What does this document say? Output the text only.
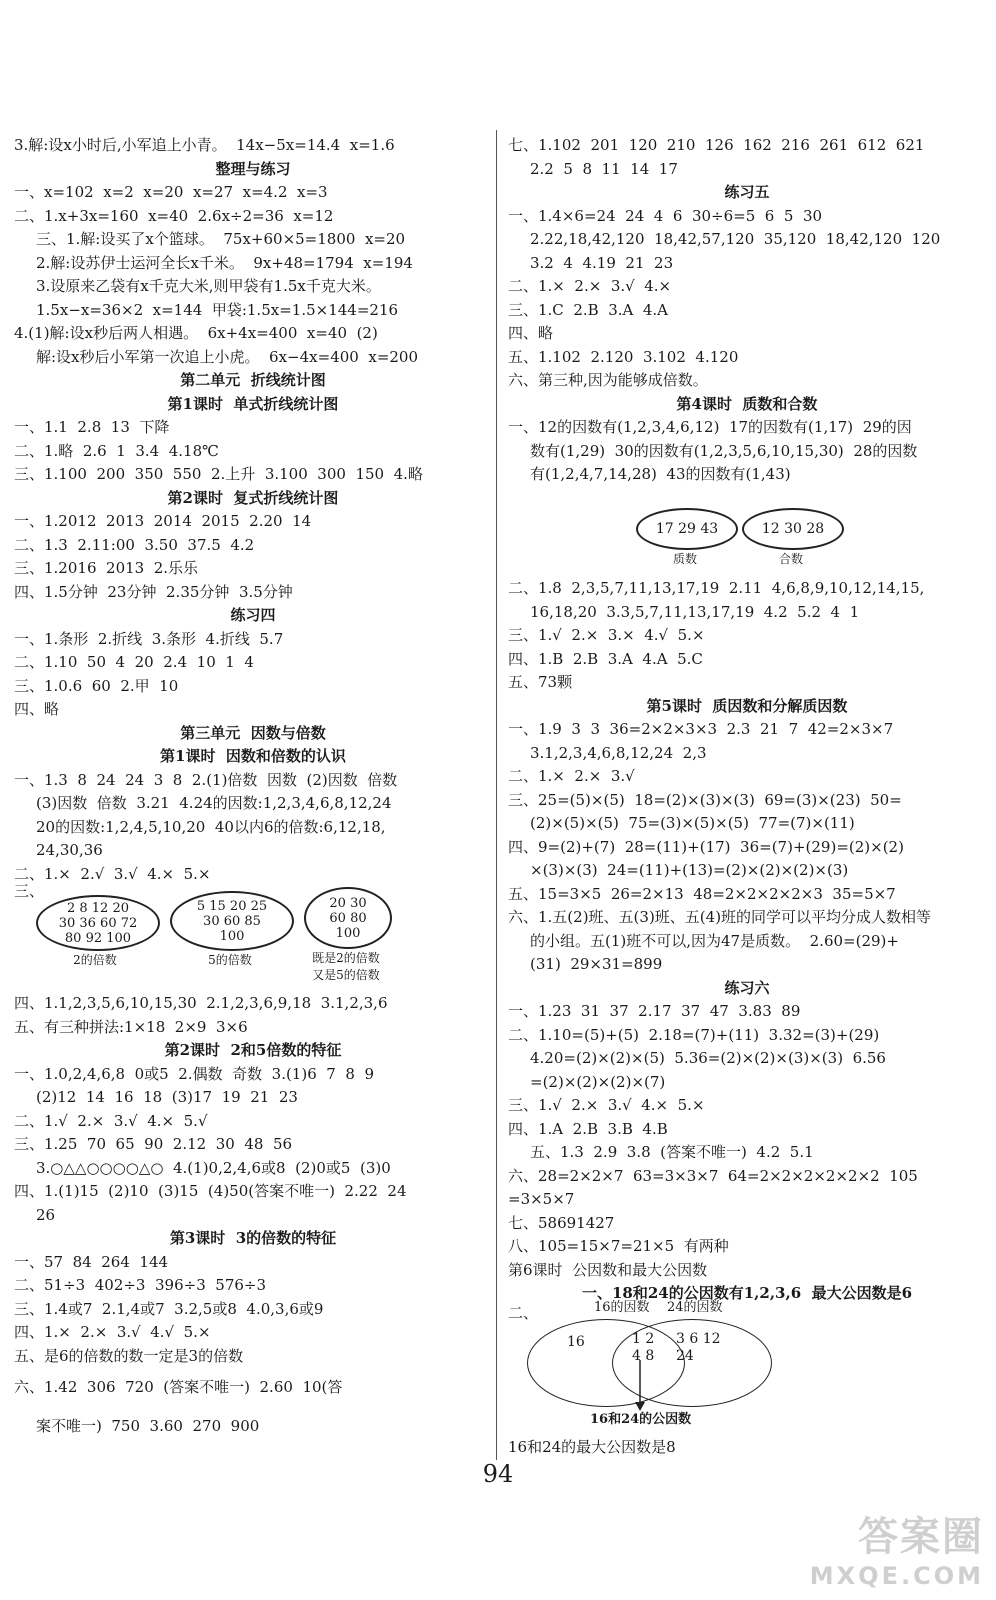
3.解:设x小时后,小军追上小青。  14x−5x=14.4  x=1.6
整理与练习
一、x=102  x=2  x=20  x=27  x=4.2  x=3
二、1.x+3x=160  x=40  2.6x÷2=36  x=12
三、1.解:设买了x个篮球。  75x+60×5=1800  x=20
2.解:设苏伊士运河全长x千米。  9x+48=1794  x=194
3.设原来乙袋有x千克大米,则甲袋有1.5x千克大米。
1.5x−x=36×2  x=144  甲袋:1.5x=1.5×144=216
4.(1)解:设x秒后两人相遇。  6x+4x=400  x=40  (2)
解:设x秒后小军第一次追上小虎。  6x−4x=400  x=200
第二单元  折线统计图
第1课时  单式折线统计图
一、1.1  2.8  13  下降
二、1.略  2.6  1  3.4  4.18℃
三、1.100  200  350  550  2.上升  3.100  300  150  4.略
第2课时  复式折线统计图
一、1.2012  2013  2014  2015  2.20  14
二、1.3  2.11:00  3.50  37.5  4.2
三、1.2016  2013  2.乐乐
四、1.5分钟  23分钟  2.35分钟  3.5分钟
练习四
一、1.条形  2.折线  3.条形  4.折线  5.7
二、1.10  50  4  20  2.4  10  1  4
三、1.0.6  60  2.甲  10
四、略
第三单元  因数与倍数
第1课时  因数和倍数的认识
一、1.3  8  24  24  3  8  2.(1)倍数  因数  (2)因数  倍数
(3)因数  倍数  3.21  4.24的因数:1,2,3,4,6,8,12,24
20的因数:1,2,4,5,10,20  40以内6的倍数:6,12,18,
24,30,36
二、1.×  2.√  3.√  4.×  5.×
三、
四、1.1,2,3,5,6,10,15,30  2.1,2,3,6,9,18  3.1,2,3,6
五、有三种拼法:1×18  2×9  3×6
第2课时  2和5倍数的特征
一、1.0,2,4,6,8  0或5  2.偶数  奇数  3.(1)6  7  8  9
(2)12  14  16  18  (3)17  19  21  23
二、1.√  2.×  3.√  4.×  5.√
三、1.25  70  65  90  2.12  30  48  56
3.○△△○○○○△○  4.(1)0,2,4,6或8  (2)0或5  (3)0
四、1.(1)15  (2)10  (3)15  (4)50(答案不唯一)  2.22  24
26
第3课时  3的倍数的特征
一、57  84  264  144
二、51÷3  402÷3  396÷3  576÷3
三、1.4或7  2.1,4或7  3.2,5或8  4.0,3,6或9
四、1.×  2.×  3.√  4.√  5.×
五、是6的倍数的数一定是3的倍数
六、1.42  306  720  (答案不唯一)  2.60  10(答
案不唯一)  750  3.60  270  900
七、1.102  201  120  210  126  162  216  261  612  621
2.2  5  8  11  14  17
练习五
一、1.4×6=24  24  4  6  30÷6=5  6  5  30
2.22,18,42,120  18,42,57,120  35,120  18,42,120  120
3.2  4  4.19  21  23
二、1.×  2.×  3.√  4.×
三、1.C  2.B  3.A  4.A
四、略
五、1.102  2.120  3.102  4.120
六、第三种,因为能够成倍数。
第4课时  质数和合数
一、12的因数有(1,2,3,4,6,12)  17的因数有(1,17)  29的因
数有(1,29)  30的因数有(1,2,3,5,6,10,15,30)  28的因数
有(1,2,4,7,14,28)  43的因数有(1,43)
二、1.8  2,3,5,7,11,13,17,19  2.11  4,6,8,9,10,12,14,15,
16,18,20  3.3,5,7,11,13,17,19  4.2  5.2  4  1
三、1.√  2.×  3.×  4.√  5.×
四、1.B  2.B  3.A  4.A  5.C
五、73颗
第5课时  质因数和分解质因数
一、1.9  3  3  36=2×2×3×3  2.3  21  7  42=2×3×7
3.1,2,3,4,6,8,12,24  2,3
二、1.×  2.×  3.√
三、25=(5)×(5)  18=(2)×(3)×(3)  69=(3)×(23)  50=
(2)×(5)×(5)  75=(3)×(5)×(5)  77=(7)×(11)
四、9=(2)+(7)  28=(11)+(17)  36=(7)+(29)=(2)×(2)
×(3)×(3)  24=(11)+(13)=(2)×(2)×(2)×(3)
五、15=3×5  26=2×13  48=2×2×2×2×3  35=5×7
六、1.五(2)班、五(3)班、五(4)班的同学可以平均分成人数相等
的小组。五(1)班不可以,因为47是质数。  2.60=(29)+
(31)  29×31=899
练习六
一、1.23  31  37  2.17  37  47  3.83  89
二、1.10=(5)+(5)  2.18=(7)+(11)  3.32=(3)+(29)
4.20=(2)×(2)×(5)  5.36=(2)×(2)×(3)×(3)  6.56
=(2)×(2)×(2)×(7)
三、1.√  2.×  3.√  4.×  5.×
四、1.A  2.B  3.B  4.B
五、1.3  2.9  3.8  (答案不唯一)  4.2  5.1
六、28=2×2×7  63=3×3×7  64=2×2×2×2×2×2  105
=3×5×7
七、58691427
八、105=15×7=21×5  有两种
第6课时  公因数和最大公因数
一、18和24的公因数有1,2,3,6  最大公因数是6
二、
16和24的最大公因数是8
2 8 12 20
30 36 60 72
80 92 100
2的倍数
5 15 20 25
30 60 85
100
5的倍数
20 30
60 80
100
既是2的倍数
又是5的倍数
17 29 43
质数
12 30 28
合数
16的因数 24的因数
16	1 2
4 8
3 6 12
24
16和24的公因数
94
答案圈
MXQE.COM
